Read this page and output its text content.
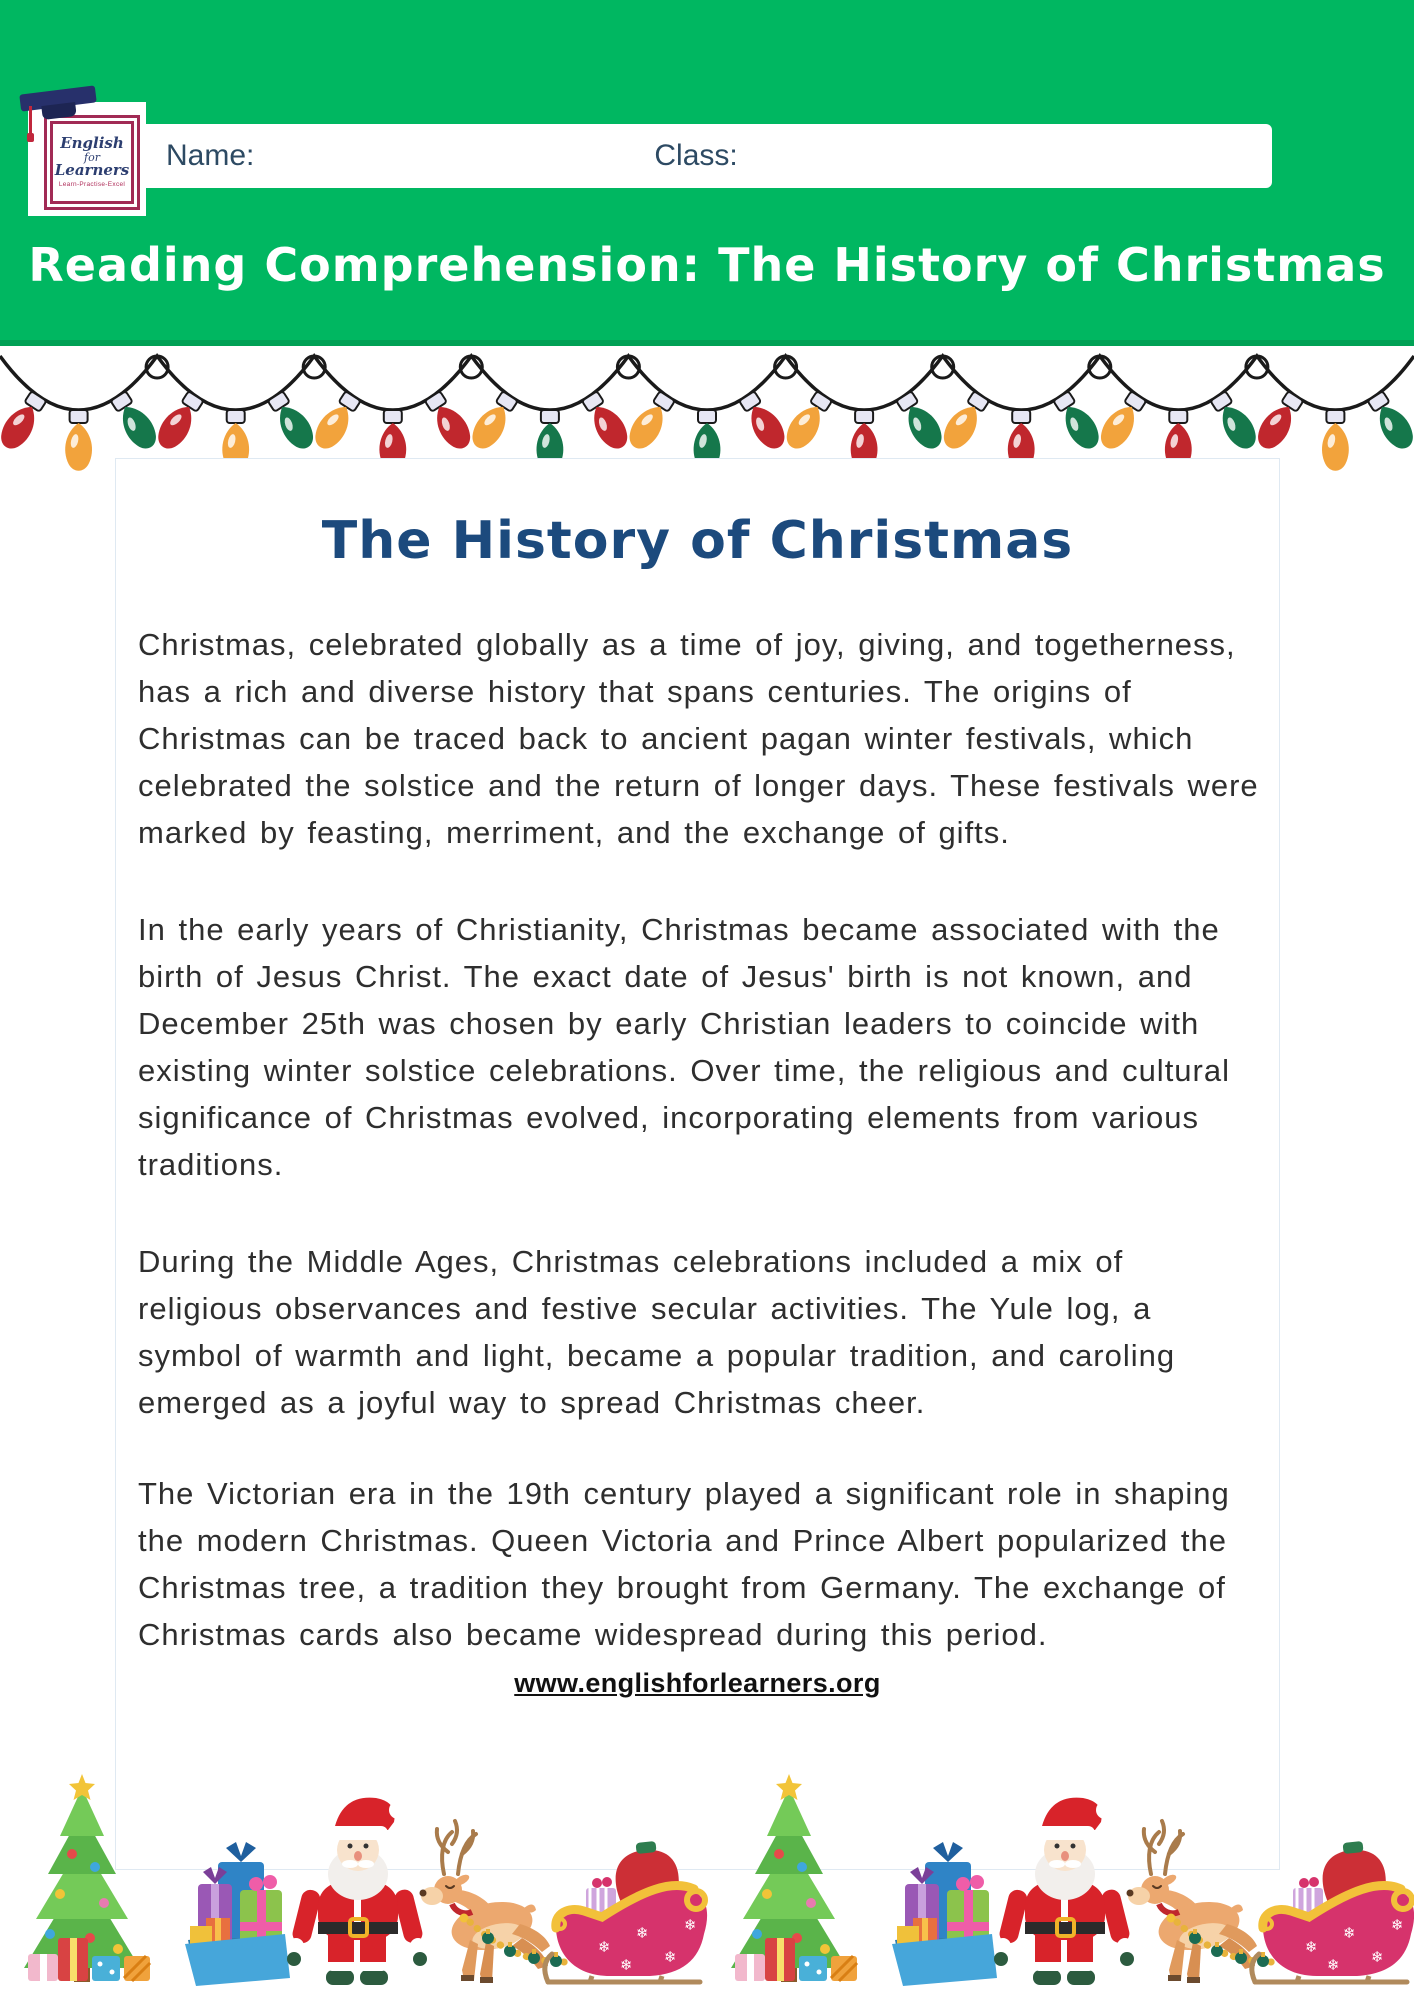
English
for
Learners
Learn-Practise-Excel
Name:	Class:
Reading Comprehension: The History of Christmas
The History of Christmas

Christmas, celebrated globally as a time of joy, giving, and togetherness, has a rich and diverse history that spans centuries. The origins of Christmas can be traced back to ancient pagan winter festivals, which celebrated the solstice and the return of longer days. These festivals were marked by feasting, merriment, and the exchange of gifts.

In the early years of Christianity, Christmas became associated with the birth of Jesus Christ. The exact date of Jesus' birth is not known, and December 25th was chosen by early Christian leaders to coincide with existing winter solstice celebrations. Over time, the religious and cultural significance of Christmas evolved, incorporating elements from various traditions.

During the Middle Ages, Christmas celebrations included a mix of religious observances and festive secular activities. The Yule log, a symbol of warmth and light, became a popular tradition, and caroling emerged as a joyful way to spread Christmas cheer.

The Victorian era in the 19th century played a significant role in shaping the modern Christmas. Queen Victoria and Prince Albert popularized the Christmas tree, a tradition they brought from Germany. The exchange of Christmas cards also became widespread during this period.

www.englishforlearners.org
